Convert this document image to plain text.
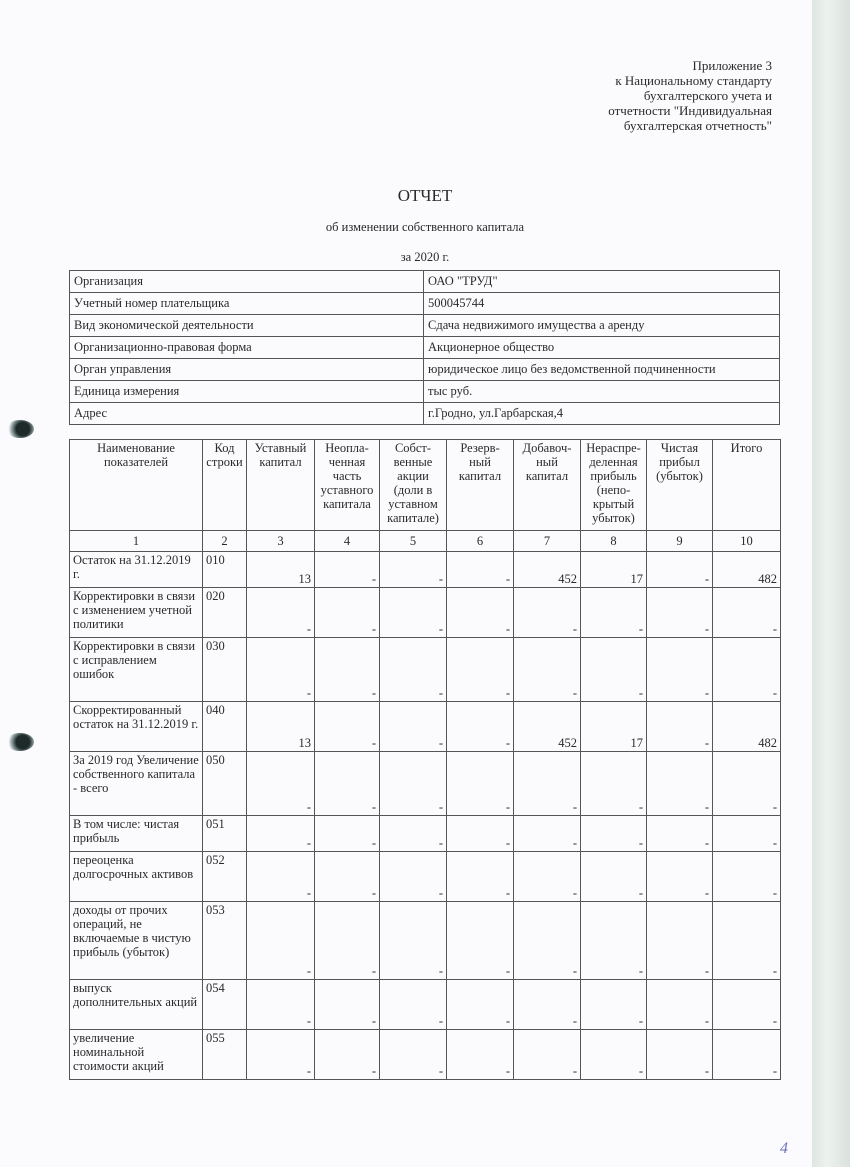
Приложение 3
к Национальному стандарту
бухгалтерского учета и
отчетности "Индивидуальная
бухгалтерская отчетность"
ОТЧЕТ
об изменении собственного капитала
за 2020 г.
Организация	ОАО "ТРУД"
Учетный номер плательщика	500045744
Вид экономической деятельности	Сдача недвижимого имущества а аренду
Организационно-правовая форма	Акционерное общество
Орган управления	юридическое лицо без ведомственной подчиненности
Единица измерения	тыс руб.
Адрес	г.Гродно, ул.Гарбарская,4
Наименование показателей	Код строки	Уставный капитал	Неопла-ченная часть уставного капитала	Собст-венные акции (доли в уставном капитале)	Резерв-ный капитал	Добавоч-ный капитал	Нераспре-деленная прибыль (непо-крытый убыток)	Чистая прибыл (убыток)	Итого
1	2	3	4	5	6	7	8	9	10
Остаток на 31.12.2019 г.	010	13	-	-	-	452	17	-	482
Корректировки в связи с изменением учетной политики	020	-	-	-	-	-	-	-	-
Корректировки в связи с исправлением ошибок	030	-	-	-	-	-	-	-	-
Скорректированный остаток на 31.12.2019 г.	040	13	-	-	-	452	17	-	482
За 2019 год Увеличение собственного капитала - всего	050	-	-	-	-	-	-	-	-
В том числе: чистая прибыль	051	-	-	-	-	-	-	-	-
переоценка долгосрочных активов	052	-	-	-	-	-	-	-	-
доходы от прочих операций, не включаемые в чистую прибыль (убыток)	053	-	-	-	-	-	-	-	-
выпуск дополнительных акций	054	-	-	-	-	-	-	-	-
увеличение номинальной стоимости акций	055	-	-	-	-	-	-	-	-
4
